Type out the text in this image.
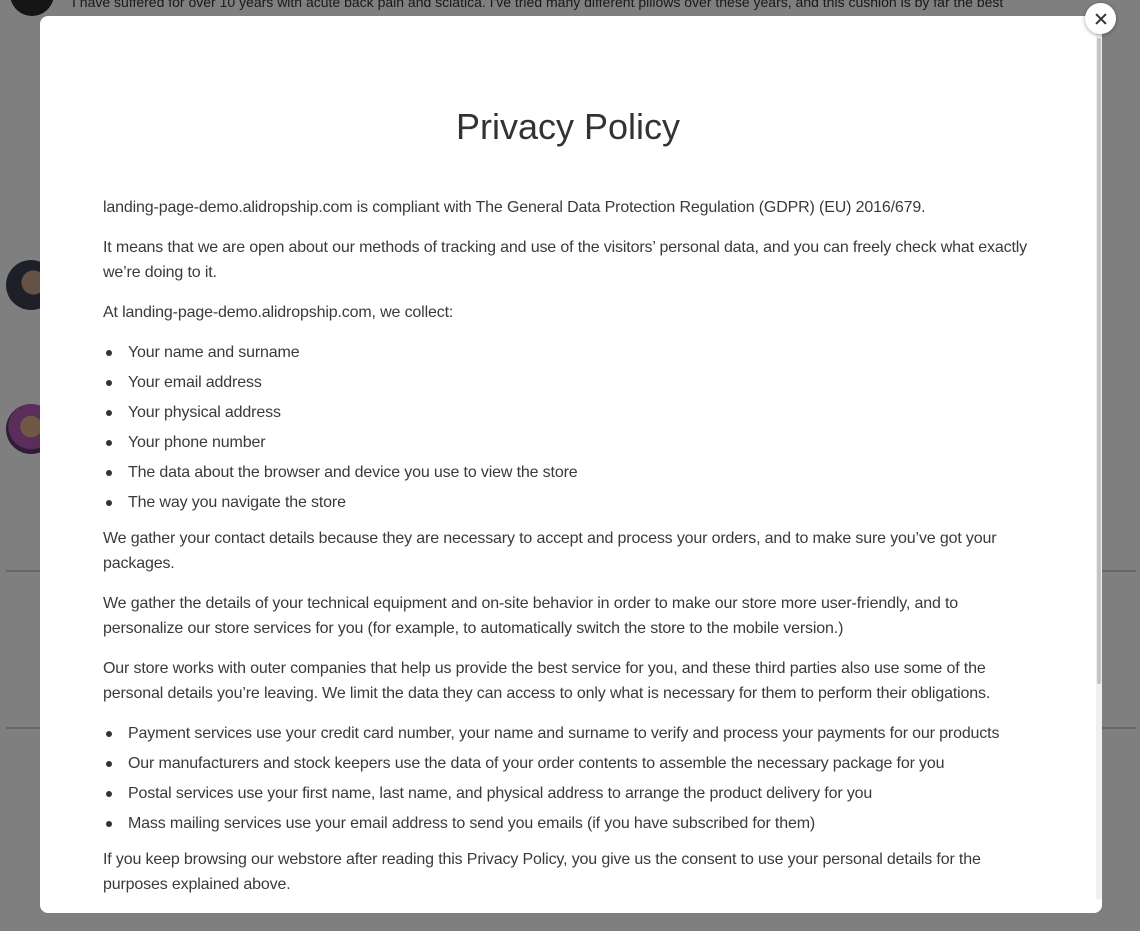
Privacy Policy

landing-page-demo.alidropship.com is compliant with The General Data Protection Regulation (GDPR) (EU) 2016/679.

It means that we are open about our methods of tracking and use of the visitors’ personal data, and you can freely check what exactly we’re doing to it.

At landing-page-demo.alidropship.com, we collect:

Your name and surname
Your email address
Your physical address
Your phone number
The data about the browser and device you use to view the store
The way you navigate the store

We gather your contact details because they are necessary to accept and process your orders, and to make sure you’ve got your packages.

We gather the details of your technical equipment and on-site behavior in order to make our store more user-friendly, and to personalize our store services for you (for example, to automatically switch the store to the mobile version.)

Our store works with outer companies that help us provide the best service for you, and these third parties also use some of the personal details you’re leaving. We limit the data they can access to only what is necessary for them to perform their obligations.

Payment services use your credit card number, your name and surname to verify and process your payments for our products
Our manufacturers and stock keepers use the data of your order contents to assemble the necessary package for you
Postal services use your first name, last name, and physical address to arrange the product delivery for you
Mass mailing services use your email address to send you emails (if you have subscribed for them)

If you keep browsing our webstore after reading this Privacy Policy, you give us the consent to use your personal details for the purposes explained above.
